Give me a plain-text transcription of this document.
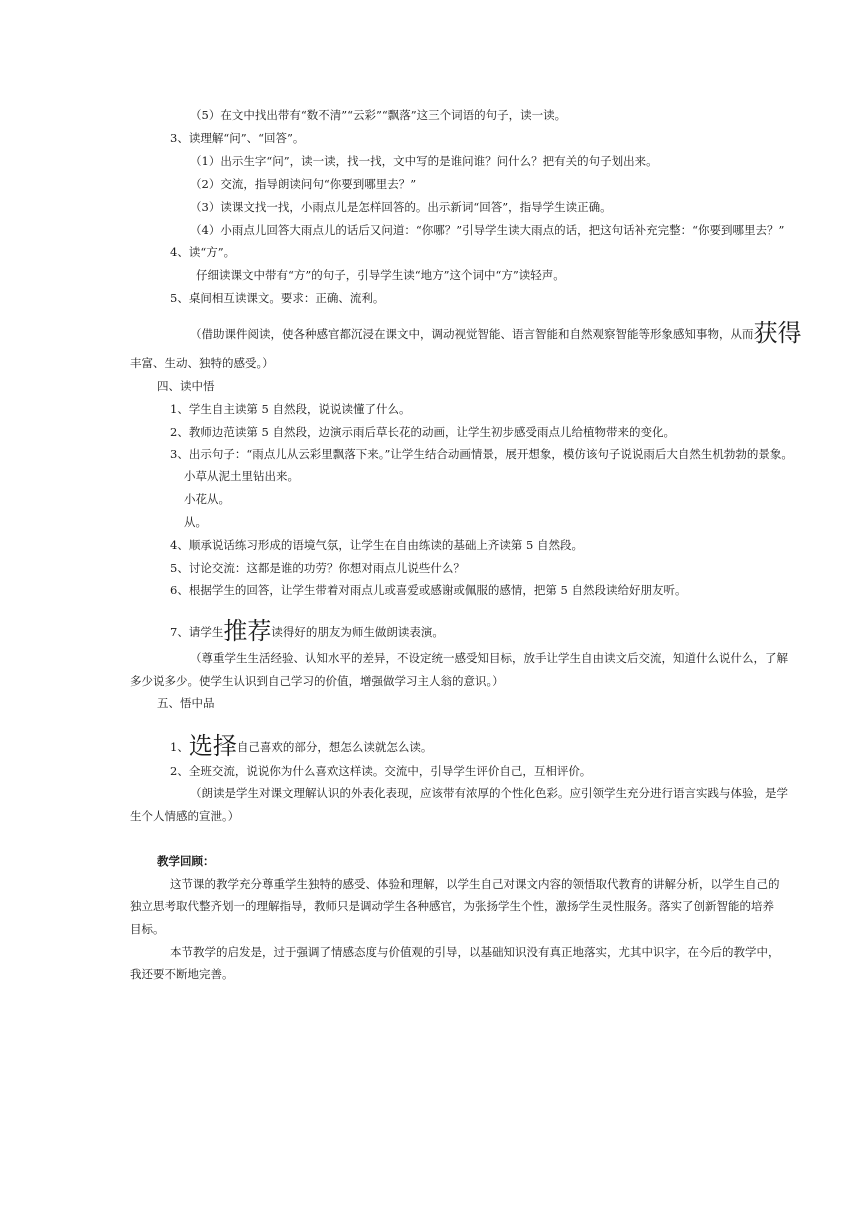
（5）在文中找出带有“数不清”“云彩”“飘落”这三个词语的句子，读一读。
3、读理解“问”、“回答”。
（1）出示生字“问”，读一读，找一找，文中写的是谁问谁？问什么？把有关的句子划出来。
（2）交流，指导朗读问句“你要到哪里去？”
（3）读课文找一找，小雨点儿是怎样回答的。出示新词“回答”，指导学生读正确。
（4）小雨点儿回答大雨点儿的话后又问道：“你哪？”引导学生读大雨点的话，把这句话补充完整：“你要到哪里去？”
4、读“方”。
仔细读课文中带有“方”的句子，引导学生读“地方”这个词中“方”读轻声。
5、桌间相互读课文。要求：正确、流利。
（借助课件阅读，使各种感官都沉浸在课文中，调动视觉智能、语言智能和自然观察智能等形象感知事物，从而获得
丰富、生动、独特的感受。）
四、读中悟
1、学生自主读第 5 自然段，说说读懂了什么。
2、教师边范读第 5 自然段，边演示雨后草长花的动画，让学生初步感受雨点儿给植物带来的变化。
3、出示句子：“雨点儿从云彩里飘落下来。”让学生结合动画情景，展开想象，模仿该句子说说雨后大自然生机勃勃的景象。
小草从泥土里钻出来。
小花从。
从。
4、顺承说话练习形成的语境气氛，让学生在自由练读的基础上齐读第 5 自然段。
5、讨论交流：这都是谁的功劳？你想对雨点儿说些什么？
6、根据学生的回答，让学生带着对雨点儿或喜爱或感谢或佩服的感情，把第 5 自然段读给好朋友听。
7、请学生推荐读得好的朋友为师生做朗读表演。
（尊重学生生活经验、认知水平的差异，不设定统一感受知目标，放手让学生自由读文后交流，知道什么说什么，了解
多少说多少。使学生认识到自己学习的价值，增强做学习主人翁的意识。）
五、悟中品
1、选择自己喜欢的部分，想怎么读就怎么读。
2、全班交流，说说你为什么喜欢这样读。交流中，引导学生评价自己，互相评价。
（朗读是学生对课文理解认识的外表化表现，应该带有浓厚的个性化色彩。应引领学生充分进行语言实践与体验，是学
生个人情感的宣泄。）
教学回顾：
这节课的教学充分尊重学生独特的感受、体验和理解，以学生自己对课文内容的领悟取代教育的讲解分析，以学生自己的
独立思考取代整齐划一的理解指导，教师只是调动学生各种感官，为张扬学生个性，激扬学生灵性服务。落实了创新智能的培养
目标。
本节教学的启发是，过于强调了情感态度与价值观的引导，以基础知识没有真正地落实，尤其中识字，在今后的教学中，
我还要不断地完善。
